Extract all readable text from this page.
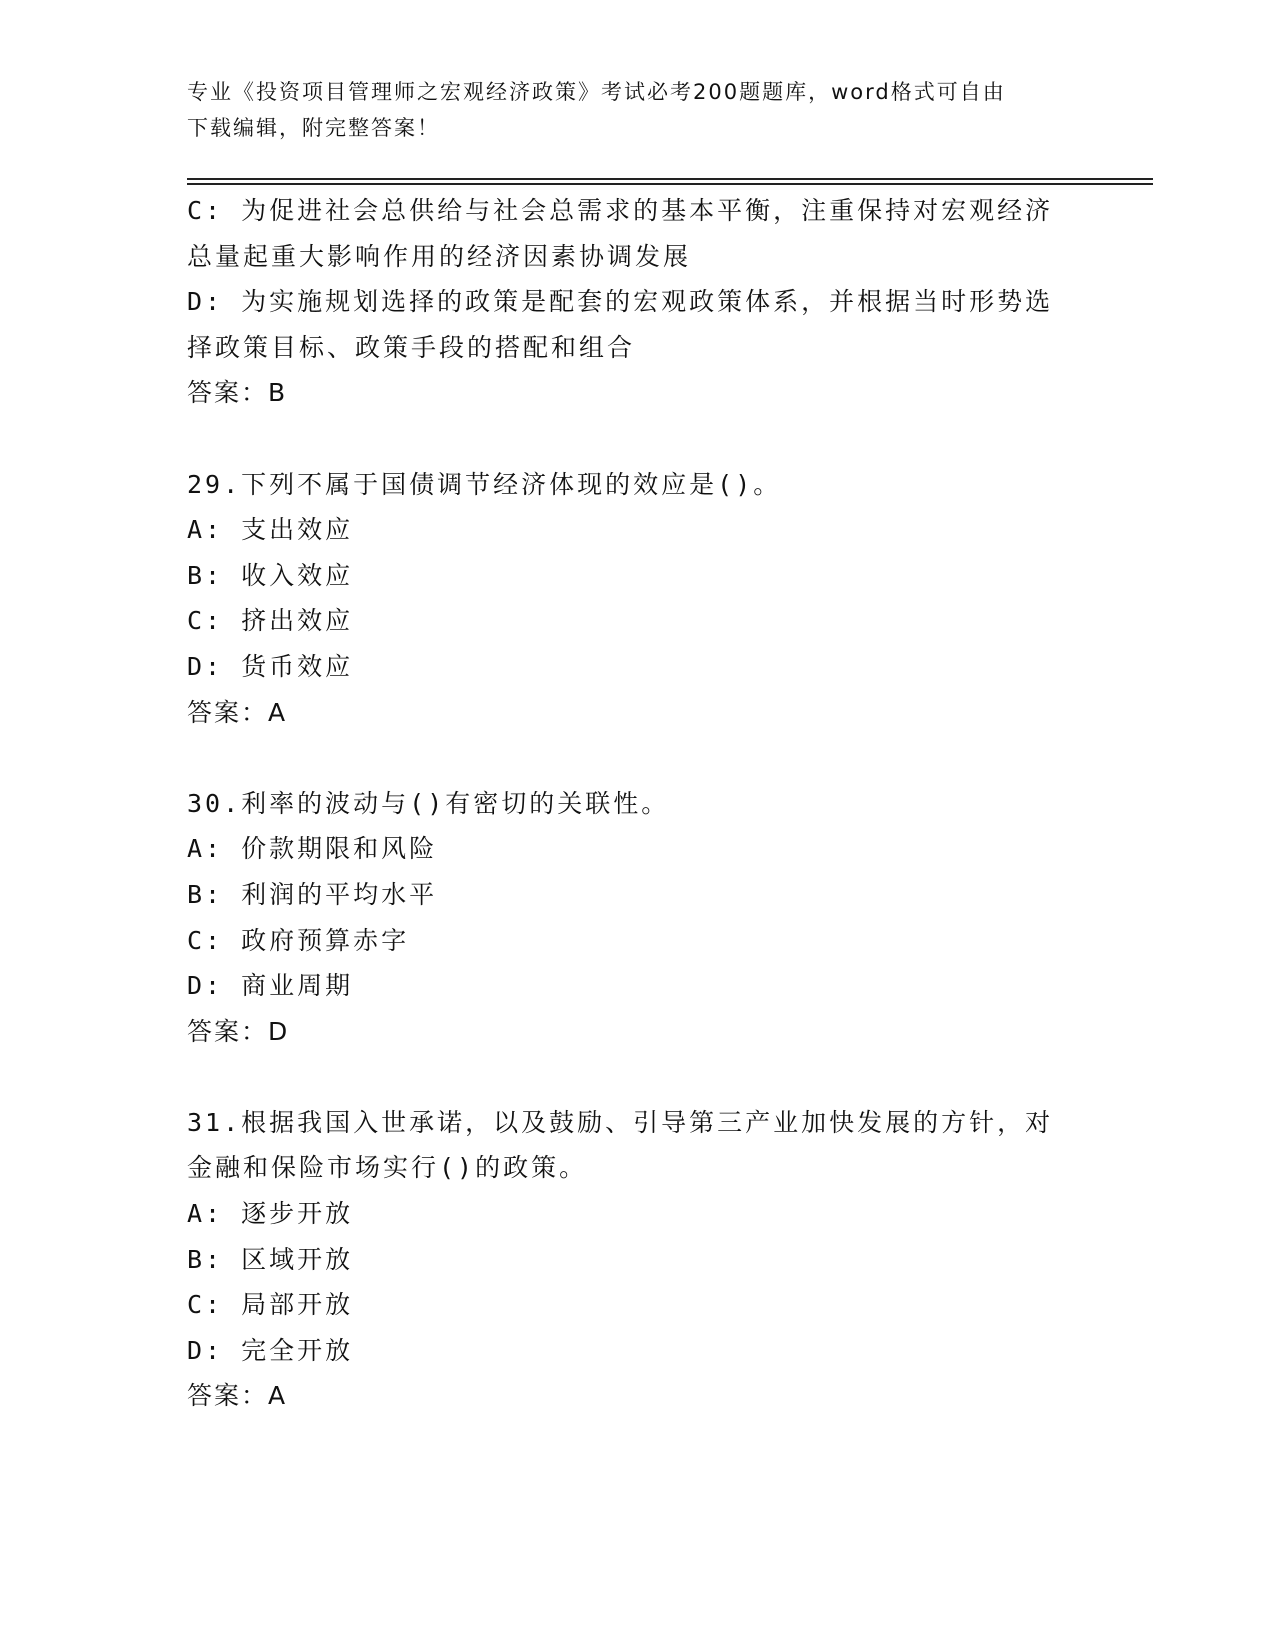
专业《投资项目管理师之宏观经济政策》考试必考200题题库，word格式可自由
下载编辑，附完整答案！
C: 为促进社会总供给与社会总需求的基本平衡，注重保持对宏观经济
总量起重大影响作用的经济因素协调发展
D: 为实施规划选择的政策是配套的宏观政策体系，并根据当时形势选
择政策目标、政策手段的搭配和组合
答案：B
29.下列不属于国债调节经济体现的效应是()。
A: 支出效应
B: 收入效应
C: 挤出效应
D: 货币效应
答案：A
30.利率的波动与()有密切的关联性。
A: 价款期限和风险
B: 利润的平均水平
C: 政府预算赤字
D: 商业周期
答案：D
31.根据我国入世承诺，以及鼓励、引导第三产业加快发展的方针，对
金融和保险市场实行()的政策。
A: 逐步开放
B: 区域开放
C: 局部开放
D: 完全开放
答案：A
